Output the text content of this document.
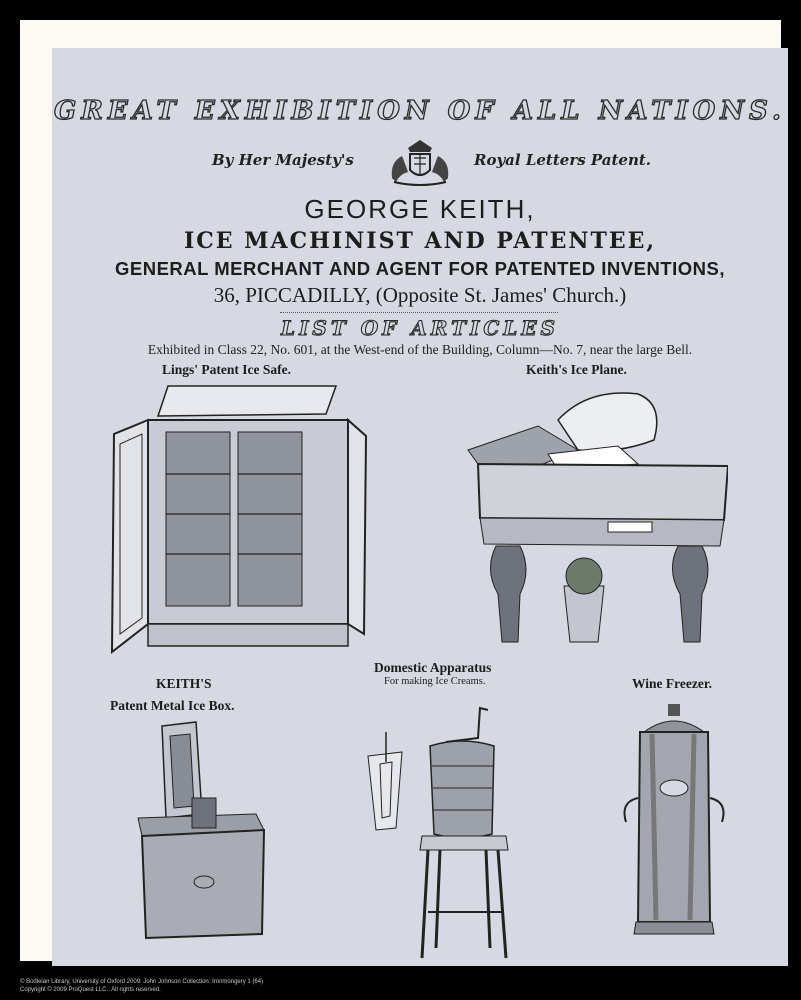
GREAT EXHIBITION OF ALL NATIONS.
By Her Majesty's	Royal Letters Patent.
GEORGE KEITH,
ICE MACHINIST AND PATENTEE,
GENERAL MERCHANT AND AGENT FOR PATENTED INVENTIONS,
36, PICCADILLY, (Opposite St. James' Church.)
LIST OF ARTICLES
Exhibited in Class 22, No. 601, at the West-end of the Building, Column—No. 7, near the large Bell.
Lings' Patent Ice Safe.	Keith's Ice Plane.
KEITH'S
Patent Metal Ice Box.
Domestic Apparatus
For making Ice Creams.	Wine Freezer.
© Bodleian Library, University of Oxford 2009: John Johnson Collection: Ironmongery 1 (64)
Copyright © 2009 ProQuest LLC.. All rights reserved.
